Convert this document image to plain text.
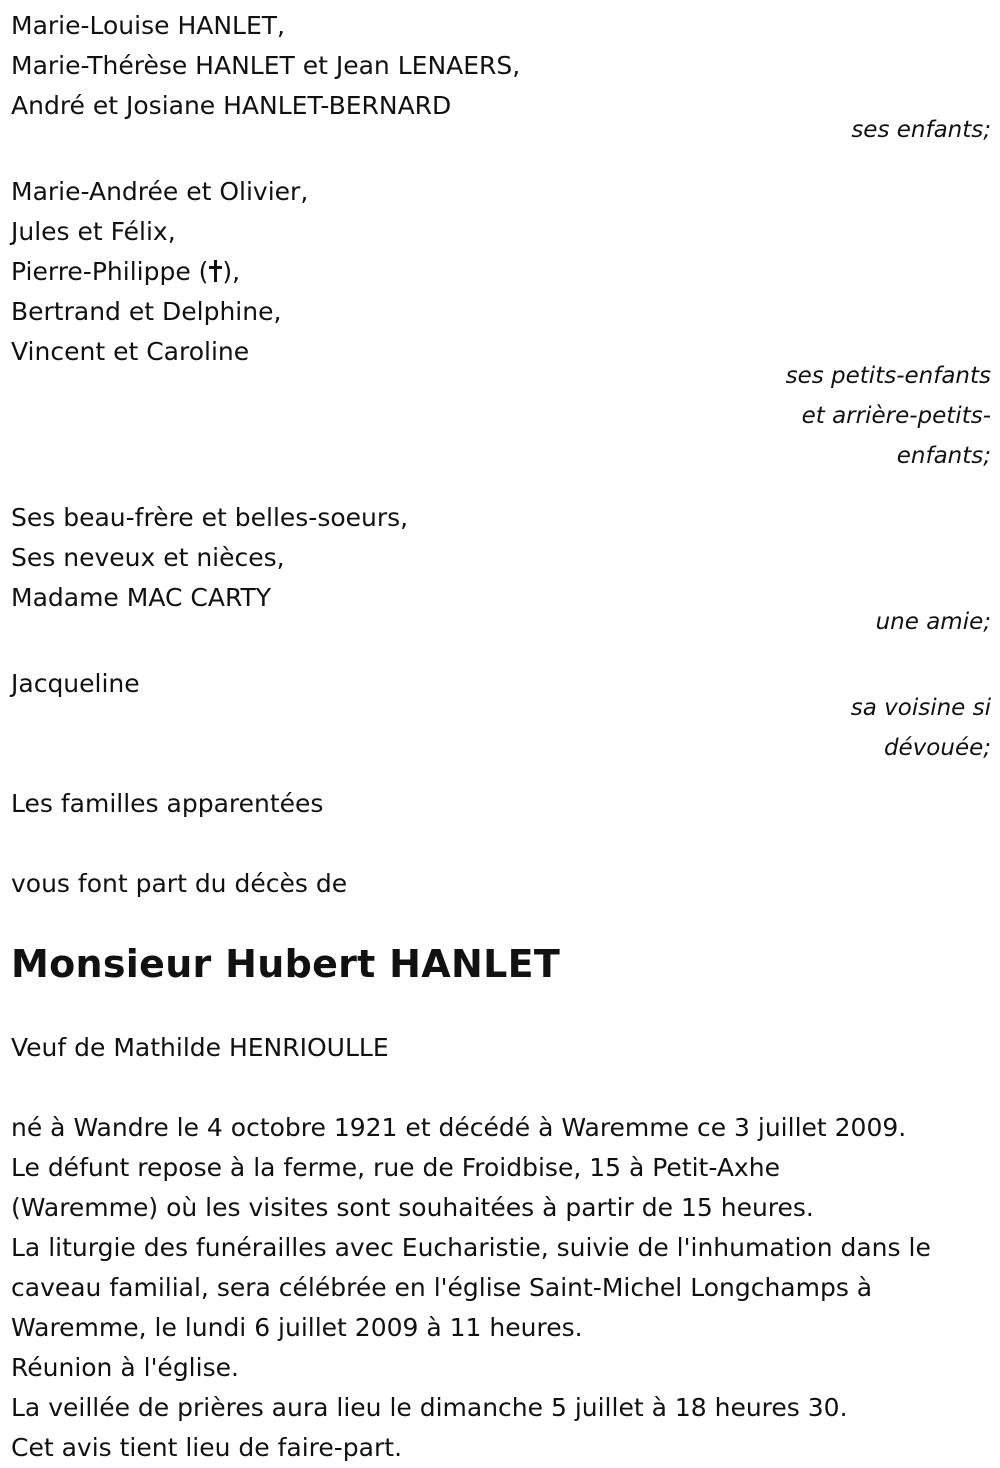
Marie-Louise HANLET,
Marie-Thérèse HANLET et Jean LENAERS,
André et Josiane HANLET-BERNARD
ses enfants;
Marie-Andrée et Olivier,
Jules et Félix,
Pierre-Philippe ( ),
Bertrand et Delphine,
Vincent et Caroline
ses petits-enfants
et arrière-petits-
enfants;
Ses beau-frère et belles-soeurs,
Ses neveux et nièces,
Madame MAC CARTY
une amie;
Jacqueline
sa voisine si
dévouée;
Les familles apparentées
vous font part du décès de
Monsieur Hubert HANLET
Veuf de Mathilde HENRIOULLE
né à Wandre le 4 octobre 1921 et décédé à Waremme ce 3 juillet 2009.
Le défunt repose à la ferme, rue de Froidbise, 15 à Petit-Axhe
(Waremme) où les visites sont souhaitées à partir de 15 heures.
La liturgie des funérailles avec Eucharistie, suivie de l'inhumation dans le
caveau familial, sera célébrée en l'église Saint-Michel Longchamps à
Waremme, le lundi 6 juillet 2009 à 11 heures.
Réunion à l'église.
La veillée de prières aura lieu le dimanche 5 juillet à 18 heures 30.
Cet avis tient lieu de faire-part.
